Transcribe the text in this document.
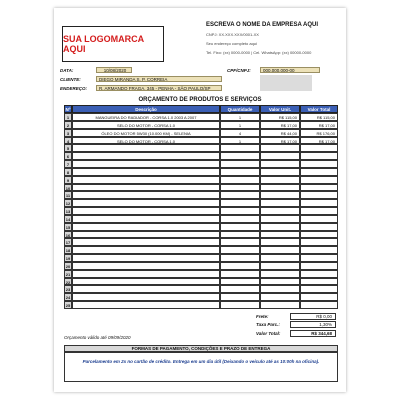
SUA LOGOMARCA AQUI
ESCREVA O NOME DA EMPRESA AQUI
CNPJ: XX.XXX.XXX/0001-XX
Seu endereço completo aqui
Tel. Fixo: (xx) 0000-0000 | Cel. WhatsApp: (xx) 00000-0000
DATA:	10/08/2020
CLIENTE:	DIEGO MIRANDA S. P. CORREIA
ENDEREÇO:	R. ARMANDO FRAGA, 345 - PENHA - SÃO PAULO/SP
CPF/CNPJ:	000.000.000-00
ORÇAMENTO DE PRODUTOS E SERVIÇOS
Nº	Descrição	Quantidade	Valor Unit.	Valor Total
1	MANGUEIRA DO RADIADOR - CORSA 1.0 2003 A 2007	1	R$ 115,00	R$ 115,00
2	SELO DO MOTOR - CORSA 1.0	1	R$ 17,00	R$ 17,00
3	ÓLEO DO MOTOR 5W30 (10.000 KM) - SELENIA	4	R$ 44,00	R$ 176,00
4	SELO DO MOTOR - CORSA 1.0	1	R$ 17,00	R$ 17,00
5
6
7
8
9
10
11
12
13
14
15
16
17
18
19
20
21
22
23
24
25
Frete:	R$ 0,00
Taxa Parc.:	1,30%
Valor Total:	R$ 344,68
Orçamento válido até 09/09/2020
FORMAS DE PAGAMENTO, CONDIÇÕES E PRAZO DE ENTREGA
Parcelamento em 2x no cartão de crédito. Entrega em um dia útil (Deixando o veículo até as 10:00h na oficina).
